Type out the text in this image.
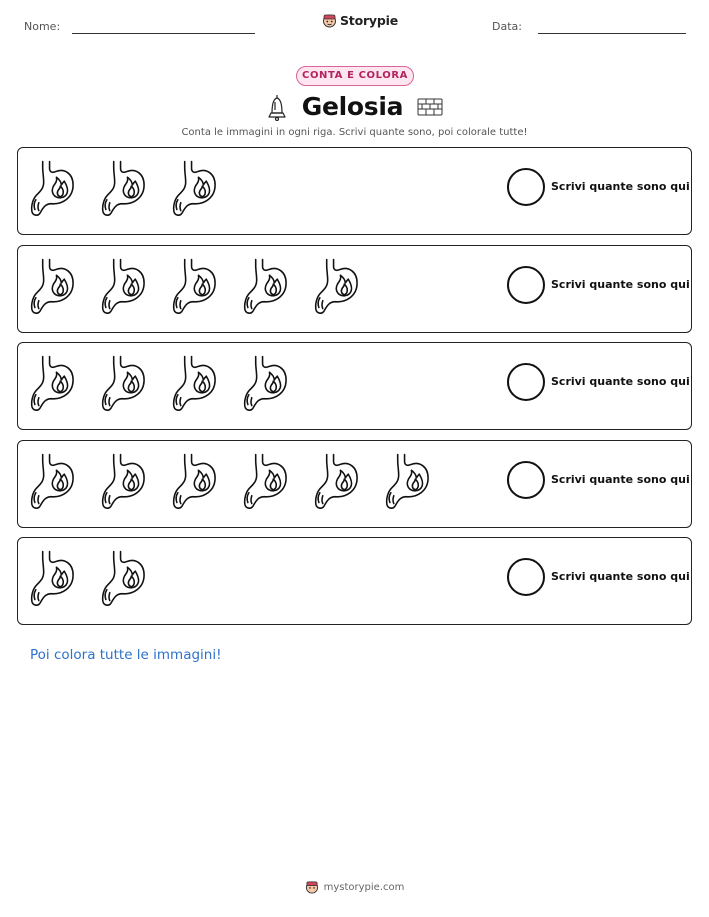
Nome:	Storypie	Data:
CONTA E COLORA
Gelosia
Conta le immagini in ogni riga. Scrivi quante sono, poi colorale tutte!
Scrivi quante sono qui
Scrivi quante sono qui
Scrivi quante sono qui
Scrivi quante sono qui
Scrivi quante sono qui
Poi colora tutte le immagini!
mystorypie.com
